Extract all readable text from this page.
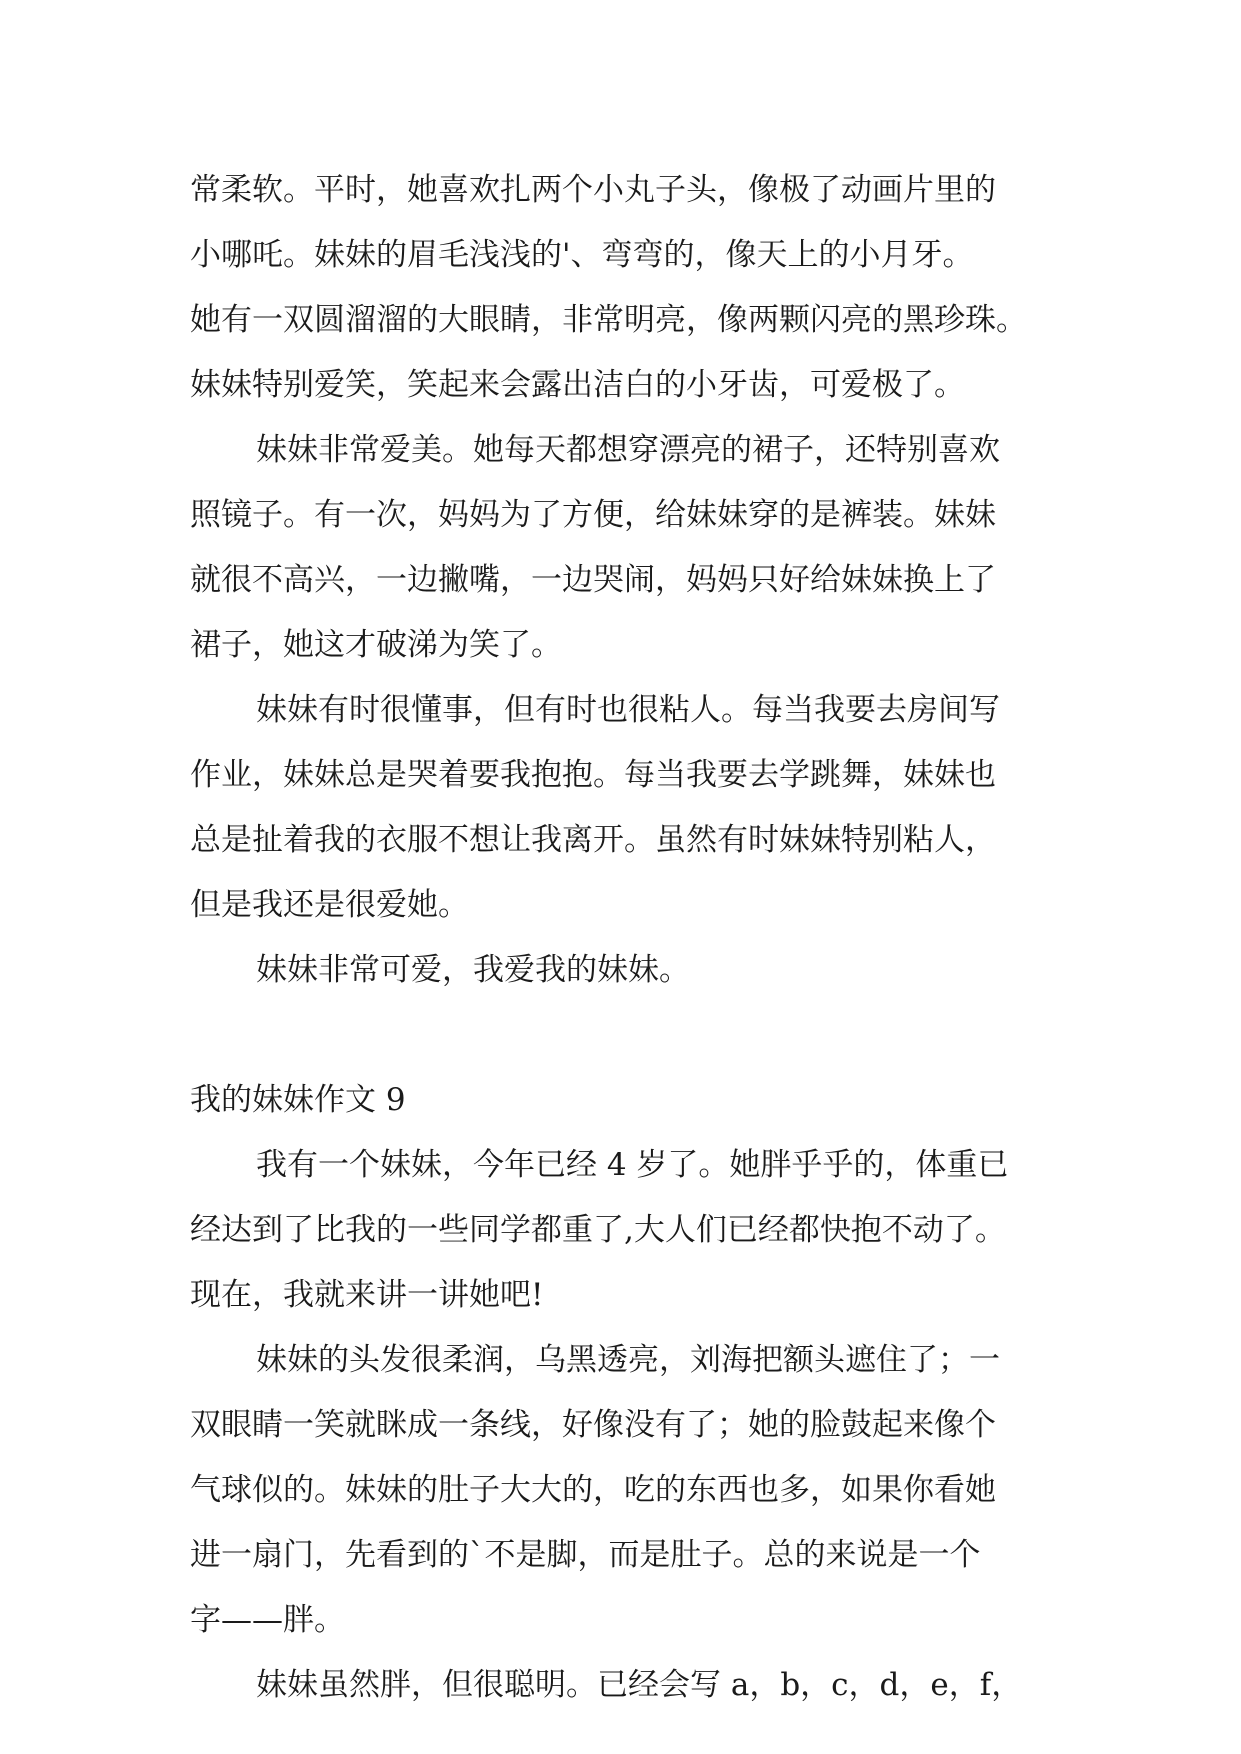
常柔软。平时，她喜欢扎两个小丸子头，像极了动画片里的
小哪吒。妹妹的眉毛浅浅的'、弯弯的，像天上的小月牙。
她有一双圆溜溜的大眼睛，非常明亮，像两颗闪亮的黑珍珠。
妹妹特别爱笑，笑起来会露出洁白的小牙齿，可爱极了。
妹妹非常爱美。她每天都想穿漂亮的裙子，还特别喜欢
照镜子。有一次，妈妈为了方便，给妹妹穿的是裤装。妹妹
就很不高兴，一边撇嘴，一边哭闹，妈妈只好给妹妹换上了
裙子，她这才破涕为笑了。
妹妹有时很懂事，但有时也很粘人。每当我要去房间写
作业，妹妹总是哭着要我抱抱。每当我要去学跳舞，妹妹也
总是扯着我的衣服不想让我离开。虽然有时妹妹特别粘人，
但是我还是很爱她。
妹妹非常可爱，我爱我的妹妹。
我的妹妹作文 9
我有一个妹妹，今年已经 4 岁了。她胖乎乎的，体重已
经达到了比我的一些同学都重了,大人们已经都快抱不动了。
现在，我就来讲一讲她吧!
妹妹的头发很柔润，乌黑透亮，刘海把额头遮住了；一
双眼睛一笑就眯成一条线，好像没有了；她的脸鼓起来像个
气球似的。妹妹的肚子大大的，吃的东西也多，如果你看她
进一扇门，先看到的`不是脚，而是肚子。总的来说是一个
字——胖。
妹妹虽然胖，但很聪明。已经会写 a，b，c，d，e，f，
